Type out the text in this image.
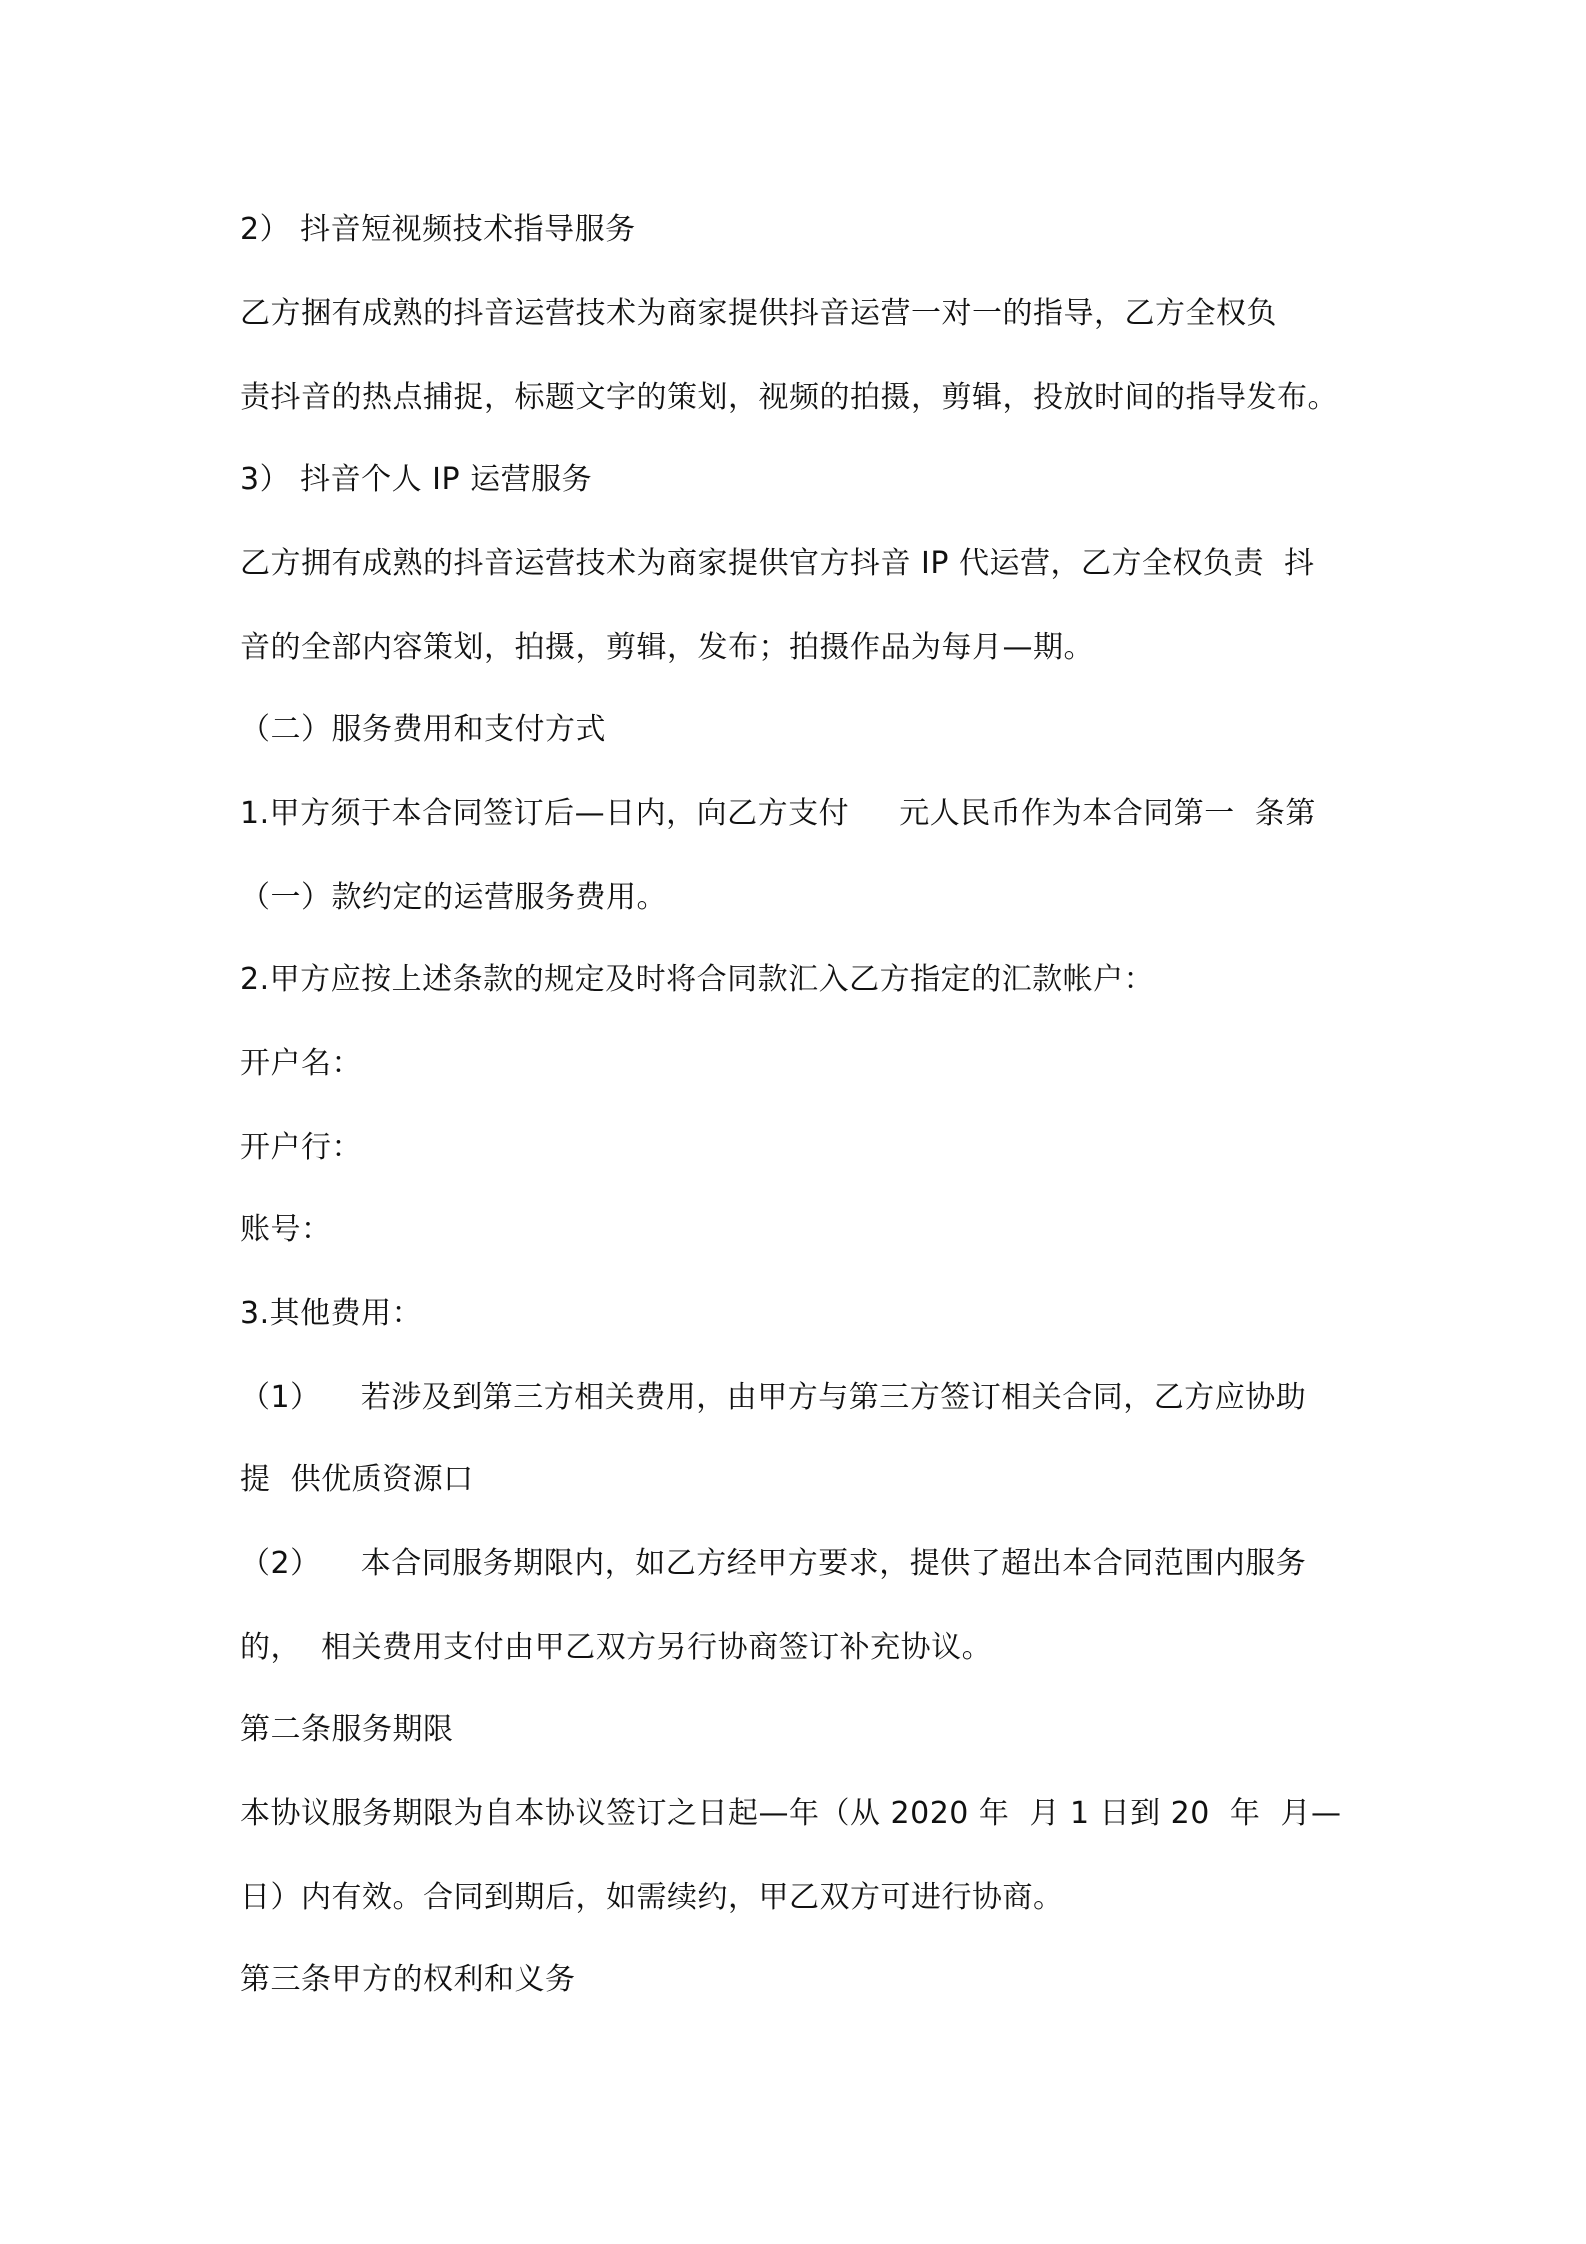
2） 抖音短视频技术指导服务
乙方捆有成熟的抖音运营技术为商家提供抖音运营一对一的指导，乙方全权负
责抖音的热点捕捉，标题文字的策划，视频的拍摄，剪辑，投放时间的指导发布。
3） 抖音个人 IP 运营服务
乙方拥有成熟的抖音运营技术为商家提供官方抖音 IP 代运营，乙方全权负责  抖
音的全部内容策划，拍摄，剪辑，发布；拍摄作品为每月—期。
（二）服务费用和支付方式
1.甲方须于本合同签订后—日内，向乙方支付     元人民币作为本合同第一  条第
（一）款约定的运营服务费用。
2.甲方应按上述条款的规定及时将合同款汇入乙方指定的汇款帐户：
开户名：
开户行：
账号：
3.其他费用：
（1）    若涉及到第三方相关费用，由甲方与第三方签订相关合同，乙方应协助
提  供优质资源口
（2）    本合同服务期限内，如乙方经甲方要求，提供了超出本合同范围内服务
的，  相关费用支付由甲乙双方另行协商签订补充协议。
第二条服务期限
本协议服务期限为自本协议签订之日起—年（从 2020 年  月 1 日到 20  年  月—
日）内有效。合同到期后，如需续约，甲乙双方可进行协商。
第三条甲方的权利和义务
